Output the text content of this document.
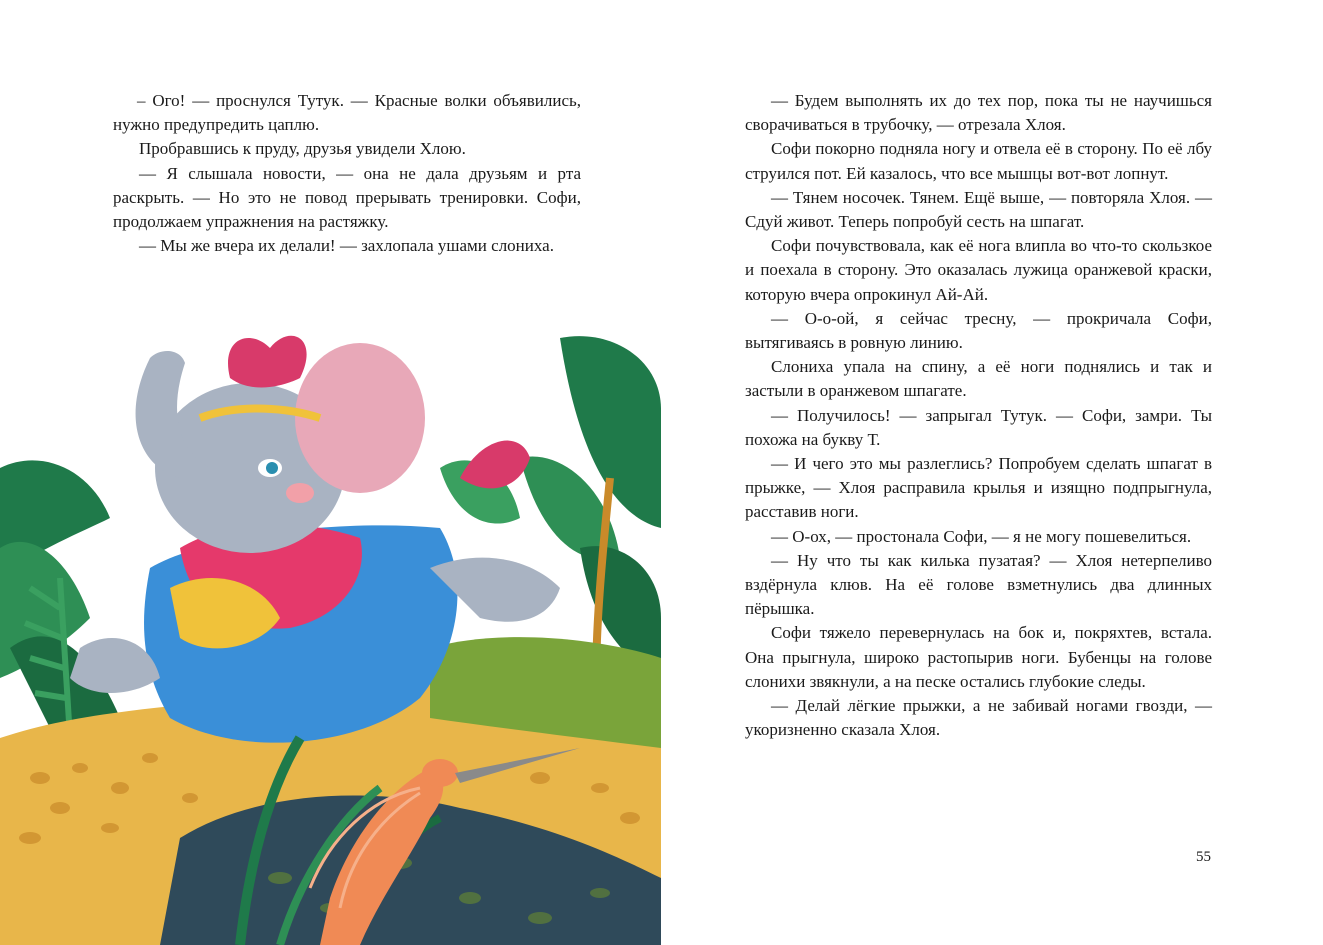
– Ого! — проснулся Тутук. — Красные волки объявились, нужно предупредить цаплю.

Пробравшись к пруду, друзья увидели Хлою.

— Я слышала новости, — она не дала друзьям и рта раскрыть. — Но это не повод прерывать тренировки. Софи, продолжаем упражнения на растяжку.

— Мы же вчера их делали! — захлопала ушами слониха.

— Будем выполнять их до тех пор, пока ты не научишься сворачиваться в трубочку, — отрезала Хлоя.

Софи покорно подняла ногу и отвела её в сторону. По её лбу струился пот. Ей казалось, что все мышцы вот-вот лопнут.

— Тянем носочек. Тянем. Ещё выше, — повторяла Хлоя. — Сдуй живот. Теперь попробуй сесть на шпагат.

Софи почувствовала, как её нога влипла во что-то скользкое и поехала в сторону. Это оказалась лужица оранжевой краски, которую вчера опрокинул Ай-Ай.

— О-о-ой, я сейчас тресну, — прокричала Софи, вытягиваясь в ровную линию.

Слониха упала на спину, а её ноги поднялись и так и застыли в оранжевом шпагате.

— Получилось! — запрыгал Тутук. — Софи, замри. Ты похожа на букву Т.

— И чего это мы разлеглись? Попробуем сделать шпагат в прыжке, — Хлоя расправила крылья и изящно подпрыгнула, расставив ноги.

— О-ох, — простонала Софи, — я не могу пошевелиться.

— Ну что ты как килька пузатая? — Хлоя нетерпеливо вздёрнула клюв. На её голове взметнулись два длинных пёрышка.

Софи тяжело перевернулась на бок и, покряхтев, встала. Она прыгнула, широко растопырив ноги. Бубенцы на голове слонихи звякнули, а на песке остались глубокие следы.

— Делай лёгкие прыжки, а не забивай ногами гвозди, — укоризненно сказала Хлоя.

55
